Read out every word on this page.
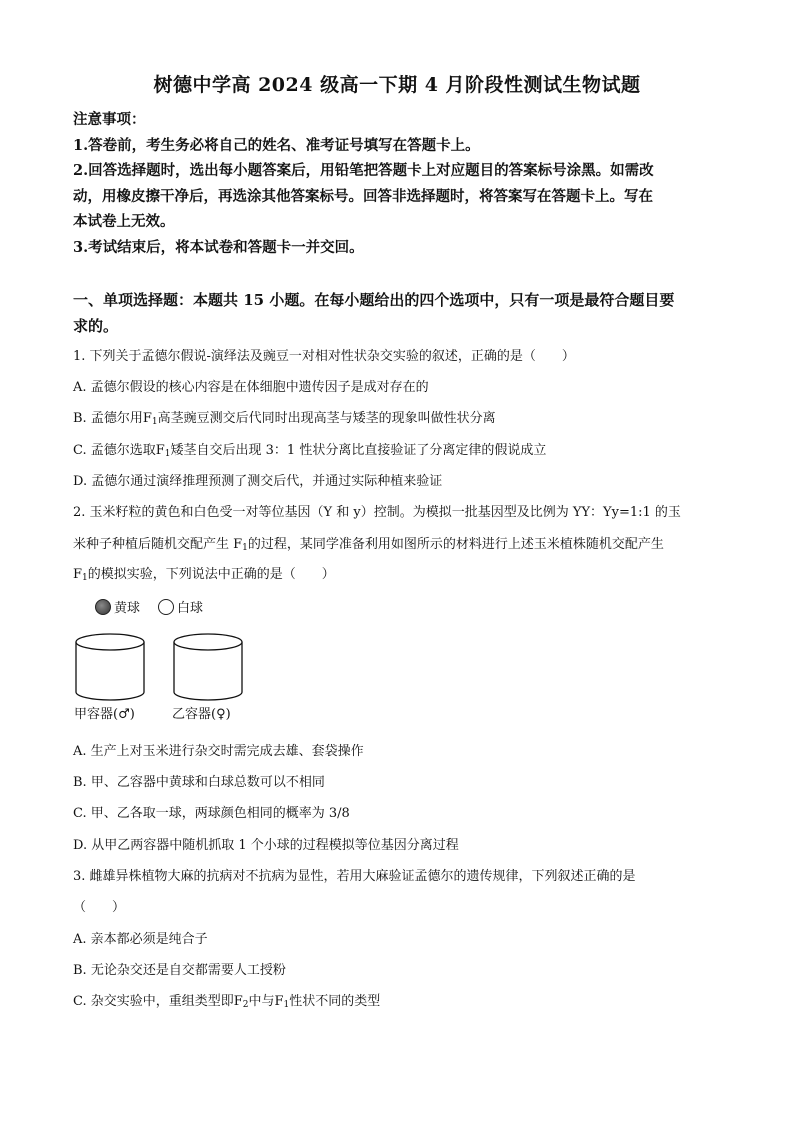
树德中学高 2024 级高一下期 4 月阶段性测试生物试题
注意事项：
1.答卷前，考生务必将自己的姓名、准考证号填写在答题卡上。
2.回答选择题时，选出每小题答案后，用铅笔把答题卡上对应题目的答案标号涂黑。如需改
动，用橡皮擦干净后，再选涂其他答案标号。回答非选择题时，将答案写在答题卡上。写在
本试卷上无效。
3.考试结束后，将本试卷和答题卡一并交回。
一、单项选择题：本题共 15 小题。在每小题给出的四个选项中，只有一项是最符合题目要
求的。
1. 下列关于孟德尔假说-演绎法及豌豆一对相对性状杂交实验的叙述，正确的是（　　）
A. 孟德尔假设的核心内容是在体细胞中遗传因子是成对存在的
B. 孟德尔用$F_1$高茎豌豆测交后代同时出现高茎与矮茎的现象叫做性状分离
C. 孟德尔选取$F_1$矮茎自交后出现 3：1 性状分离比直接验证了分离定律的假说成立
D. 孟德尔通过演绎推理预测了测交后代，并通过实际种植来验证
2. 玉米籽粒的黄色和白色受一对等位基因（Y 和 y）控制。为模拟一批基因型及比例为 YY：Yy=1:1 的玉
米种子种植后随机交配产生 $F_1$的过程，某同学准备利用如图所示的材料进行上述玉米植株随机交配产生
$F_1$的模拟实验，下列说法中正确的是（　　）
黄球	白球
甲容器(♂)	乙容器(♀)
A. 生产上对玉米进行杂交时需完成去雄、套袋操作
B. 甲、乙容器中黄球和白球总数可以不相同
C. 甲、乙各取一球，两球颜色相同的概率为 3/8
D. 从甲乙两容器中随机抓取 1 个小球的过程模拟等位基因分离过程
3. 雌雄异株植物大麻的抗病对不抗病为显性，若用大麻验证孟德尔的遗传规律，下列叙述正确的是
（　　）
A. 亲本都必须是纯合子
B. 无论杂交还是自交都需要人工授粉
C. 杂交实验中，重组类型即$F_2$中与$F_1$性状不同的类型
